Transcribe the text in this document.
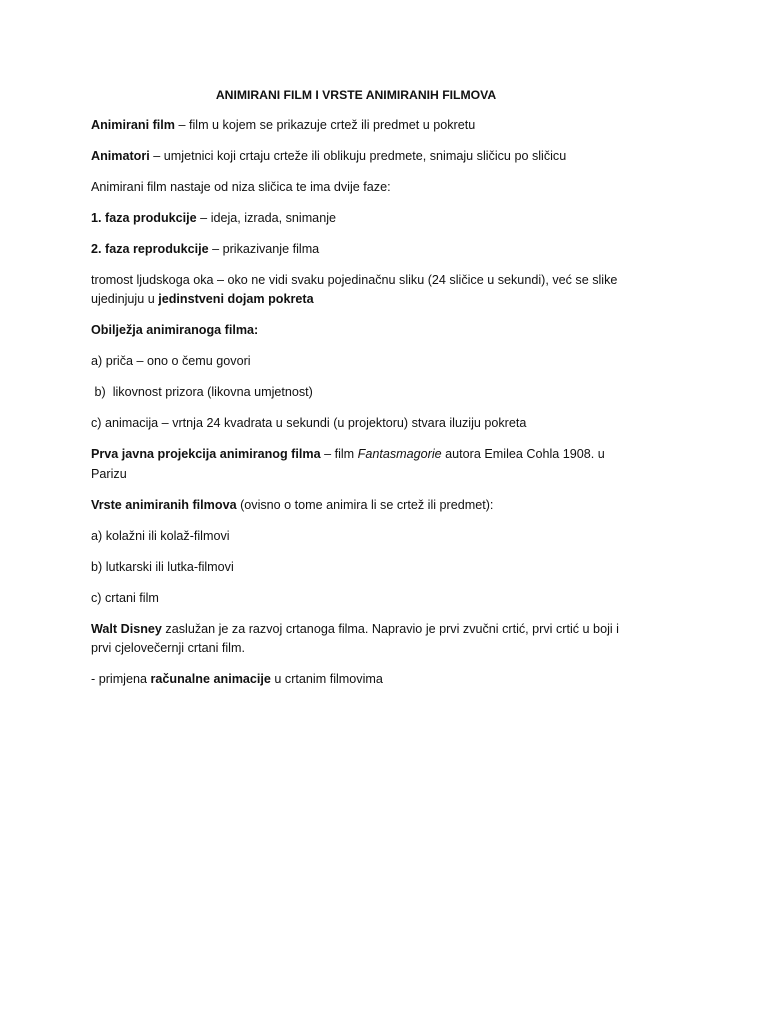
ANIMIRANI FILM I VRSTE ANIMIRANIH FILMOVA

Animirani film – film u kojem se prikazuje crtež ili predmet u pokretu

Animatori – umjetnici koji crtaju crteže ili oblikuju predmete, snimaju sličicu po sličicu

Animirani film nastaje od niza sličica te ima dvije faze:

1. faza produkcije – ideja, izrada, snimanje

2. faza reprodukcije – prikazivanje filma

tromost ljudskoga oka – oko ne vidi svaku pojedinačnu sliku (24 sličice u sekundi), već se slike ujedinjuju u jedinstveni dojam pokreta

Obilježja animiranoga filma:

a) priča – ono o čemu govori

b)  likovnost prizora (likovna umjetnost)

c) animacija – vrtnja 24 kvadrata u sekundi (u projektoru) stvara iluziju pokreta

Prva javna projekcija animiranog filma – film Fantasmagorie autora Emilea Cohla 1908. u Parizu

Vrste animiranih filmova (ovisno o tome animira li se crtež ili predmet):

a) kolažni ili kolaž-filmovi

b) lutkarski ili lutka-filmovi

c) crtani film

Walt Disney zaslužan je za razvoj crtanoga filma. Napravio je prvi zvučni crtić, prvi crtić u boji i prvi cjelovečernji crtani film.

- primjena računalne animacije u crtanim filmovima
